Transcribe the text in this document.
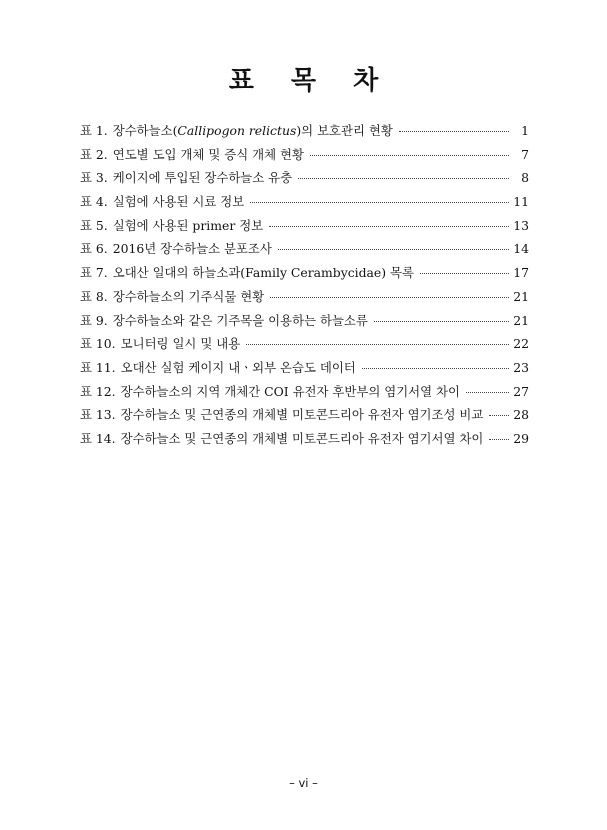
표 목 차
표 1. 장수하늘소(Callipogon relictus)의 보호관리 현황	1
표 2. 연도별 도입 개체 및 증식 개체 현황	7
표 3. 케이지에 투입된 장수하늘소 유충	8
표 4. 실험에 사용된 시료 정보	11
표 5. 실험에 사용된 primer 정보	13
표 6. 2016년 장수하늘소 분포조사	14
표 7. 오대산 일대의 하늘소과(Family Cerambycidae) 목록	17
표 8. 장수하늘소의 기주식물 현황	21
표 9. 장수하늘소와 같은 기주목을 이용하는 하늘소류	21
표 10. 모니터링 일시 및 내용	22
표 11. 오대산 실험 케이지 내ㆍ외부 온습도 데이터	23
표 12. 장수하늘소의 지역 개체간 COI 유전자 후반부의 염기서열 차이	27
표 13. 장수하늘소 및 근연종의 개체별 미토콘드리아 유전자 염기조성 비교 28
표 14. 장수하늘소 및 근연종의 개체별 미토콘드리아 유전자 염기서열 차이 29
– vi –
